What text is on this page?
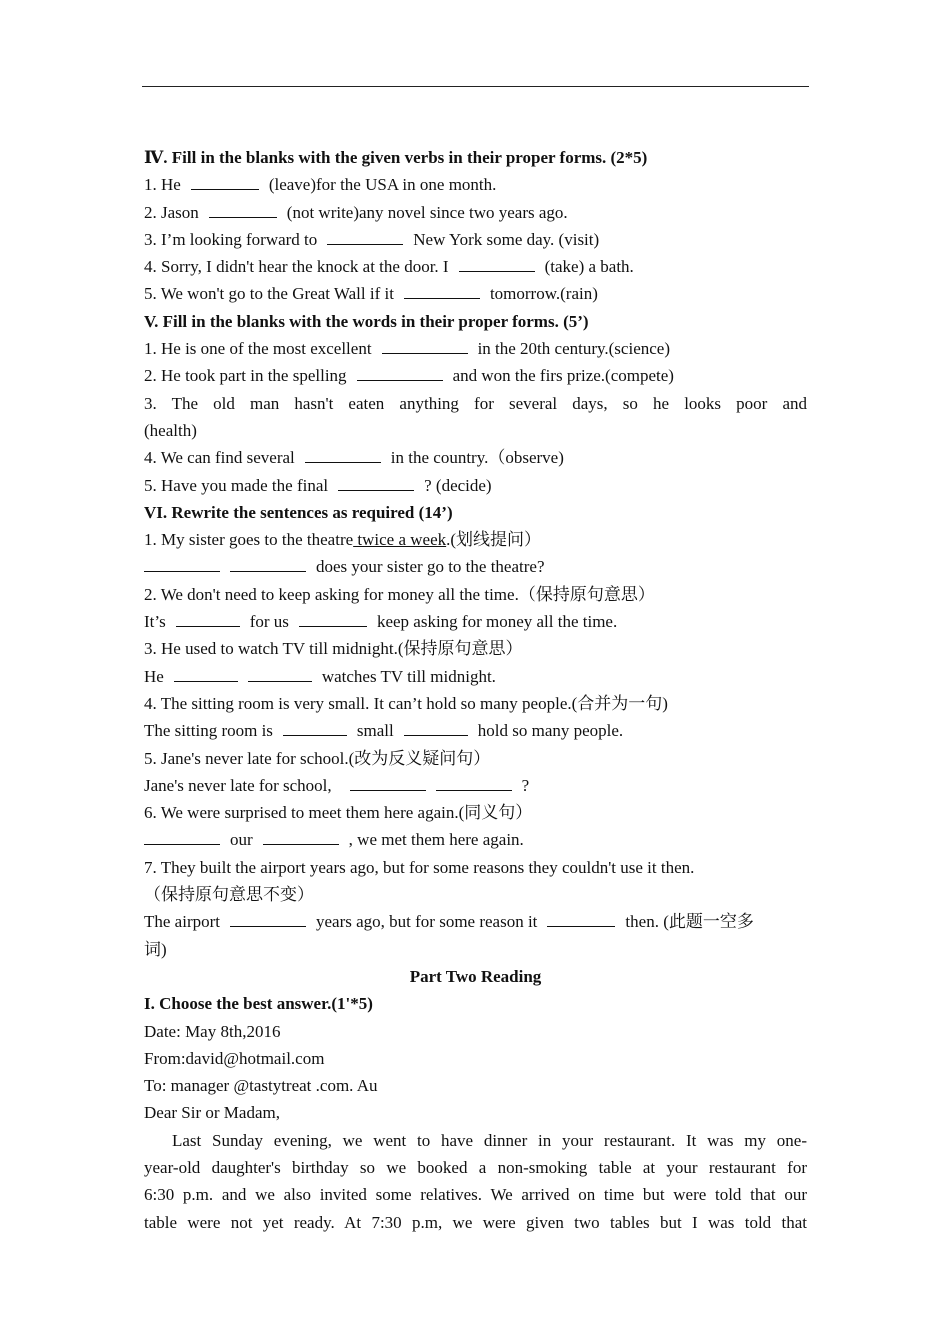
Ⅳ. Fill in the blanks with the given verbs in their proper forms. (2*5)
1. He	(leave)for the USA in one month.
2. Jason	(not write)any novel since two years ago.
3. I’m looking forward to	New York some day. (visit)
4. Sorry, I didn't hear the knock at the door. I	(take) a bath.
5. We won't go to the Great Wall if it	tomorrow.(rain)
V. Fill in the blanks with the words in their proper forms. (5’)
1. He is one of the most excellent	in the 20th century.(science)
2. He took part in the spelling	and won the firs prize.(compete)
3. The old man hasn't eaten anything for several days, so he looks poor and
(health)
4. We can find several	in the country.（observe)
5. Have you made the final	? (decide)
VI. Rewrite the sentences as required (14’)
1. My sister goes to the theatre twice a week.(划线提问）
does your sister go to the theatre?
2. We don't need to keep asking for money all the time.（保持原句意思）
It’s	for us	keep asking for money all the time.
3. He used to watch TV till midnight.(保持原句意思）
He	watches TV till midnight.
4. The sitting room is very small. It can’t hold so many people.(合并为一句)
The sitting room is	small	hold so many people.
5. Jane's never late for school.(改为反义疑问句）
Jane's never late for school,	?
6. We were surprised to meet them here again.(同义句）
our	, we met them here again.
7. They built the airport years ago, but for some reasons they couldn't use it then.
（保持原句意思不变）
The airport	years ago, but for some reason it	then. (此题一空多
词)
Part Two Reading
I. Choose the best answer.(1'*5)
Date: May 8th,2016
From:david@hotmail.com
To: manager @tastytreat .com. Au
Dear Sir or Madam,
Last Sunday evening, we went to have dinner in your restaurant. It was my one-
year-old daughter's birthday so we booked a non-smoking table at your restaurant for
6:30 p.m. and we also invited some relatives. We arrived on time but were told that our
table were not yet ready. At 7:30 p.m, we were given two tables but I was told that
